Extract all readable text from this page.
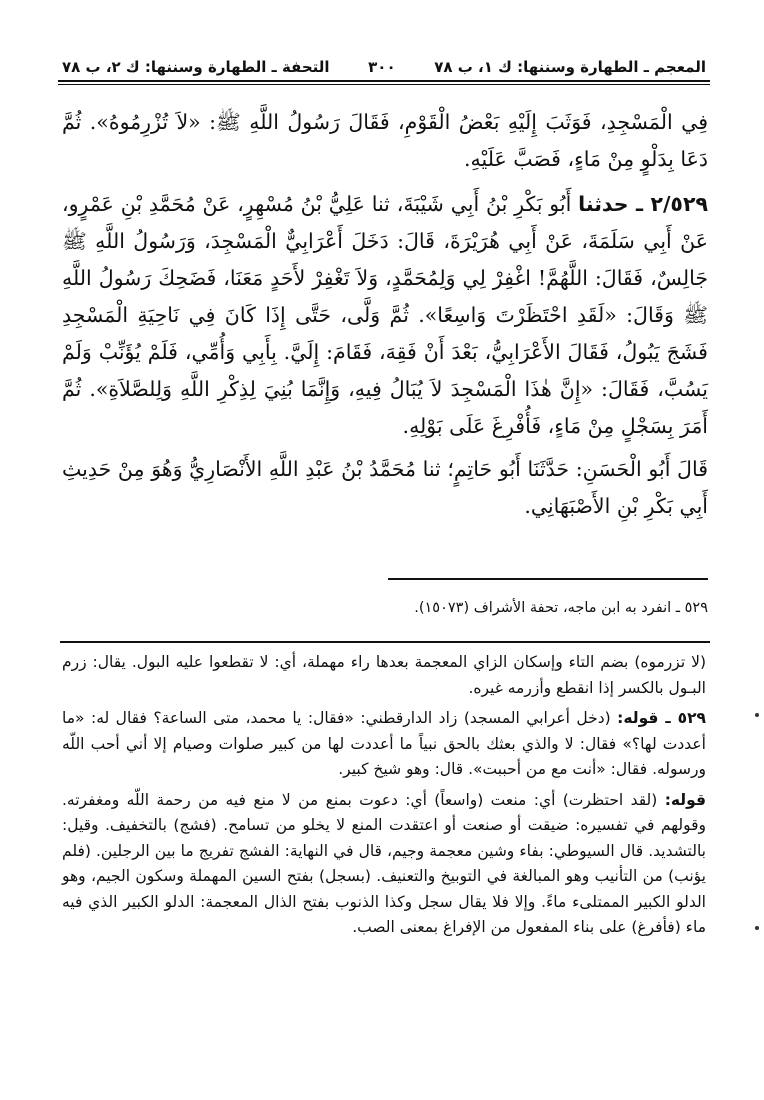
المعجم ـ الطهارة وسننها: ك ١، ب ٧٨
٣٠٠
التحفة ـ الطهارة وسننها: ك ٢، ب ٧٨

فِي الْمَسْجِدِ، فَوَثَبَ إِلَيْهِ بَعْضُ الْقَوْمِ، فَقَالَ رَسُولُ اللَّهِ ﷺ: «لاَ تُزْرِمُوهُ». ثُمَّ دَعَا بِدَلْوٍ مِنْ مَاءٍ، فَصَبَّ عَلَيْهِ.

٢/٥٢٩ ـ حدثنا أَبُو بَكْرِ بْنُ أَبِي شَيْبَةَ، ثنا عَلِيُّ بْنُ مُسْهِرٍ، عَنْ مُحَمَّدِ بْنِ عَمْرٍو، عَنْ أَبِي سَلَمَةَ، عَنْ أَبِي هُرَيْرَةَ، قَالَ: دَخَلَ أَعْرَابِيٌّ الْمَسْجِدَ، وَرَسُولُ اللَّهِ ﷺ جَالِسٌ، فَقَالَ: اللَّهُمَّ! اغْفِرْ لِي وَلِمُحَمَّدٍ، وَلاَ تَغْفِرْ لأَحَدٍ مَعَنَا، فَضَحِكَ رَسُولُ اللَّهِ ﷺ وَقَالَ: «لَقَدِ احْتَظَرْتَ وَاسِعًا». ثُمَّ وَلَّى، حَتَّى إِذَا كَانَ فِي نَاحِيَةِ الْمَسْجِدِ فَشَجَ يَبُولُ، فَقَالَ الأَعْرَابِيُّ، بَعْدَ أَنْ فَقِهَ، فَقَامَ: إِلَيَّ. بِأَبِي وَأُمِّي، فَلَمْ يُؤَنِّبْ وَلَمْ يَسُبَّ، فَقَالَ: «إِنَّ هٰذَا الْمَسْجِدَ لاَ يُبَالُ فِيهِ، وَإِنَّمَا بُنِيَ لِذِكْرِ اللَّهِ وَلِلصَّلاَةِ». ثُمَّ أَمَرَ بِسَجْلٍ مِنْ مَاءٍ، فَأُفْرِغَ عَلَى بَوْلِهِ.

قَالَ أَبُو الْحَسَنِ: حَدَّثَنَا أَبُو حَاتِمٍ؛ ثنا مُحَمَّدُ بْنُ عَبْدِ اللَّهِ الأَنْصَارِيُّ وَهُوَ مِنْ حَدِيثِ أَبِي بَكْرِ بْنِ الأَصْبَهَانِي.

٥٢٩ ـ انفرد به ابن ماجه، تحفة الأشراف (١٥٠٧٣).

(لا تزرموه) بضم التاء وإسكان الزاي المعجمة بعدها راء مهملة، أي: لا تقطعوا عليه البول. يقال: زرم البـول بالكسر إذا انقطع وأزرمه غيره.

٥٢٩ ـ قوله: (دخل أعرابي المسجد) زاد الدارقطني: «فقال: يا محمد، متى الساعة؟ فقال له: «ما أعددت لها؟» فقال: لا والذي بعثك بالحق نبياً ما أعددت لها من كبير صلوات وصيام إلا أني أحب اللّه ورسوله. فقال: «أنت مع من أحببت». قال: وهو شيخ كبير.

قوله: (لقد احتظرت) أي: منعت (واسعاً) أي: دعوت بمنع من لا منع فيه من رحمة اللّه ومغفرته. وقولهم في تفسيره: ضيقت أو صنعت أو اعتقدت المنع لا يخلو من تسامح. (فشج) بالتخفيف. وقيل: بالتشديد. قال السيوطي: بفاء وشين معجمة وجيم، قال في النهاية: الفشج تفريج ما بين الرجلين. (فلم يؤنب) من التأنيب وهو المبالغة في التوبيخ والتعنيف. (بسجل) بفتح السين المهملة وسكون الجيم، وهو الدلو الكبير الممتلىء ماءً. وإلا فلا يقال سجل وكذا الذنوب بفتح الذال المعجمة: الدلو الكبير الذي فيه ماء (فأفرغ) على بناء المفعول من الإفراغ بمعنى الصب.
